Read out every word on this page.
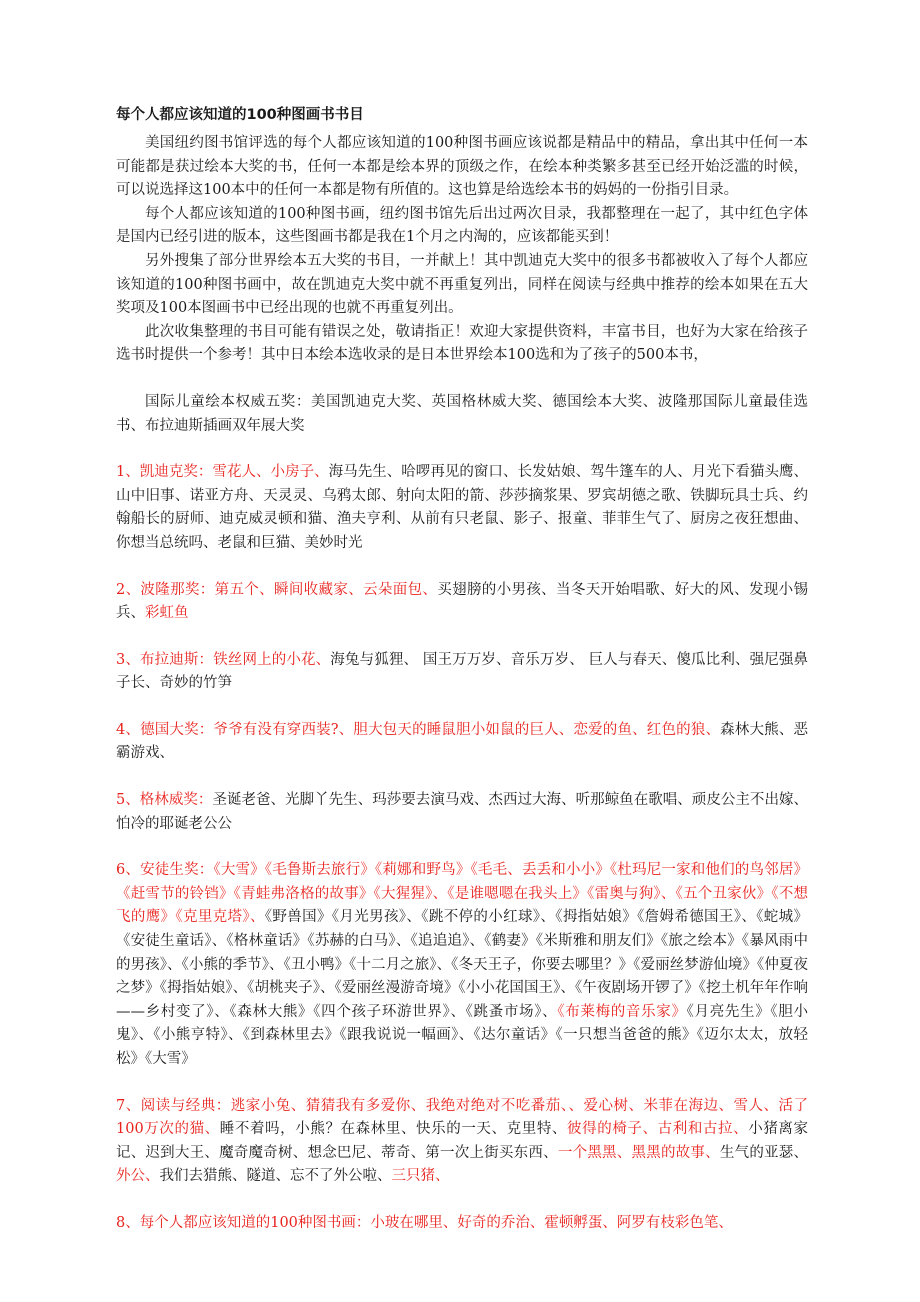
每个人都应该知道的100种图画书书目

美国纽约图书馆评选的每个人都应该知道的100种图书画应该说都是精品中的精品，拿出其中任何一本可能都是获过绘本大奖的书，任何一本都是绘本界的顶级之作，在绘本种类繁多甚至已经开始泛滥的时候，可以说选择这100本中的任何一本都是物有所值的。这也算是给选绘本书的妈妈的一份指引目录。

每个人都应该知道的100种图书画，纽约图书馆先后出过两次目录，我都整理在一起了，其中红色字体是国内已经引进的版本，这些图画书都是我在1个月之内淘的，应该都能买到！

另外搜集了部分世界绘本五大奖的书目，一并献上！其中凯迪克大奖中的很多书都被收入了每个人都应该知道的100种图书画中，故在凯迪克大奖中就不再重复列出，同样在阅读与经典中推荐的绘本如果在五大奖项及100本图画书中已经出现的也就不再重复列出。

此次收集整理的书目可能有错误之处，敬请指正！欢迎大家提供资料，丰富书目，也好为大家在给孩子选书时提供一个参考！其中日本绘本选收录的是日本世界绘本100选和为了孩子的500本书，

国际儿童绘本权威五奖：美国凯迪克大奖、英国格林威大奖、德国绘本大奖、波隆那国际儿童最佳选书、布拉迪斯插画双年展大奖

1、凯迪克奖：雪花人、小房子、海马先生、哈啰再见的窗口、长发姑娘、驾牛篷车的人、月光下看猫头鹰、山中旧事、诺亚方舟、天灵灵、乌鸦太郎、射向太阳的箭、莎莎摘浆果、罗宾胡德之歌、铁脚玩具士兵、约翰船长的厨师、迪克威灵顿和猫、渔夫亨利、从前有只老鼠、影子、报童、菲菲生气了、厨房之夜狂想曲、你想当总统吗、老鼠和巨猫、美妙时光

2、波隆那奖：第五个、瞬间收藏家、云朵面包、买翅膀的小男孩、当冬天开始唱歌、好大的风、发现小锡兵、彩虹鱼

3、布拉迪斯：铁丝网上的小花、海兔与狐狸、 国王万万岁、音乐万岁、 巨人与春天、傻瓜比利、强尼强鼻子长、奇妙的竹笋

4、德国大奖：爷爷有没有穿西装?、胆大包天的睡鼠胆小如鼠的巨人、恋爱的鱼、红色的狼、森林大熊、恶霸游戏、

5、格林威奖：圣诞老爸、光脚丫先生、玛莎要去演马戏、杰西过大海、听那鲸鱼在歌唱、顽皮公主不出嫁、怕冷的耶诞老公公

6、安徒生奖：《大雪》《毛鲁斯去旅行》《莉娜和野鸟》《毛毛、丢丢和小小》《杜玛尼一家和他们的鸟邻居》《赶雪节的铃铛》《青蛙弗洛格的故事》《大猩猩》、《是谁嗯嗯在我头上》《雷奥与狗》、《五个丑家伙》《不想飞的鹰》《克里克塔》、《野兽国》《月光男孩》、《跳不停的小红球》、《拇指姑娘》《詹姆希德国王》、《蛇城》《安徒生童话》、《格林童话》《苏赫的白马》、《追追追》、《鹤妻》《米斯雅和朋友们》《旅之绘本》《暴风雨中的男孩》、《小熊的季节》、《丑小鸭》《十二月之旅》、《冬天王子，你要去哪里？》《爱丽丝梦游仙境》《仲夏夜之梦》《拇指姑娘》、《胡桃夹子》、《爱丽丝漫游奇境》《小小花国国王》、《午夜剧场开锣了》《挖土机年年作响——乡村变了》、《森林大熊》《四个孩子环游世界》、《跳蚤市场》、《布莱梅的音乐家》《月亮先生》《胆小鬼》、《小熊亨特》、《到森林里去》《跟我说说一幅画》、《达尔童话》《一只想当爸爸的熊》《迈尔太太，放轻松》《大雪》

7、阅读与经典：逃家小兔、猜猜我有多爱你、我绝对绝对不吃番茄、、爱心树、米菲在海边、雪人、活了100万次的猫、睡不着吗，小熊？在森林里、快乐的一天、克里特、彼得的椅子、古利和古拉、小猪离家记、迟到大王、魔奇魔奇树、想念巴尼、蒂奇、第一次上街买东西、一个黑黑、黑黑的故事、生气的亚瑟、外公、我们去猎熊、隧道、忘不了外公啦、三只猪、

8、每个人都应该知道的100种图书画：小玻在哪里、好奇的乔治、霍顿孵蛋、阿罗有枝彩色笔、
